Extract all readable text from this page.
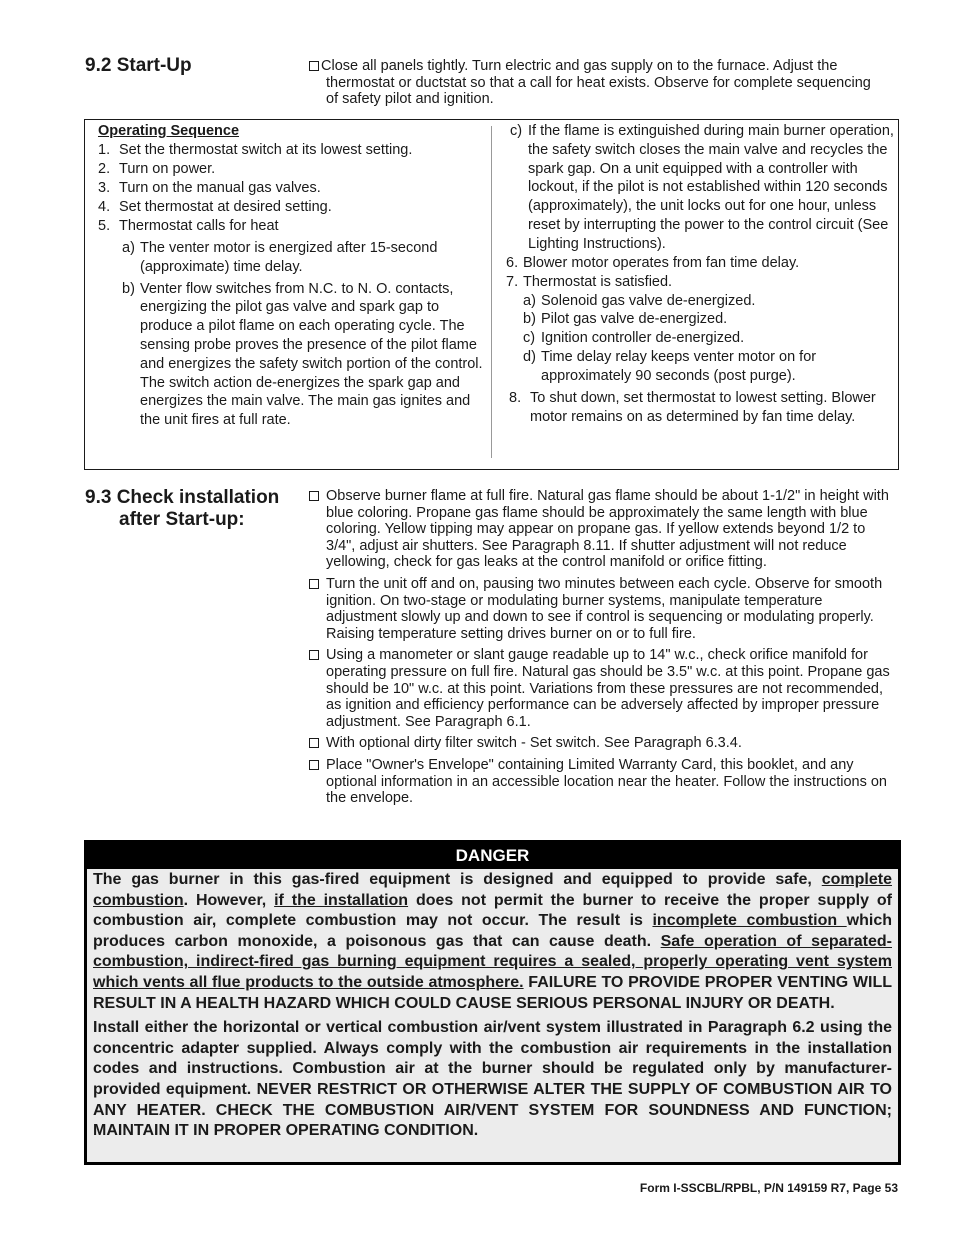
9.2 Start-Up	Close all panels tightly. Turn electric and gas supply on to the furnace. Adjust the thermostat or ductstat so that a call for heat exists. Observe for complete sequencing of safety pilot and ignition.
Operating Sequence
1. Set the thermostat switch at its lowest setting.
2. Turn on power.
3. Turn on the manual gas valves.
4. Set thermostat at desired setting.
5. Thermostat calls for heat
a) The venter motor is energized after 15-second (approximate) time delay.
b) Venter flow switches from N.C. to N. O. contacts, energizing the pilot gas valve and spark gap to produce a pilot flame on each operating cycle. The sensing probe proves the presence of the pilot flame and energizes the safety switch portion of the control. The switch action de-energizes the spark gap and energizes the main valve. The main gas ignites and the unit fires at full rate.
c) If the flame is extinguished during main burner operation, the safety switch closes the main valve and recycles the spark gap. On a unit equipped with a controller with lockout, if the pilot is not established within 120 seconds (approximately), the unit locks out for one hour, unless reset by interrupting the power to the control circuit (See Lighting Instructions).
6. Blower motor operates from fan time delay.
7. Thermostat is satisfied.
a) Solenoid gas valve de-energized.
b) Pilot gas valve de-energized.
c) Ignition controller de-energized.
d) Time delay relay keeps venter motor on for approximately 90 seconds (post purge).
8. To shut down, set thermostat to lowest setting. Blower motor remains on as determined by fan time delay.
9.3 Check installation after Start-up:
Observe burner flame at full fire. Natural gas flame should be about 1-1/2" in height with blue coloring. Propane gas flame should be approximately the same length with blue coloring. Yellow tipping may appear on propane gas. If yellow extends beyond 1/2 to 3/4", adjust air shutters. See Paragraph 8.11. If shutter adjustment will not reduce yellowing, check for gas leaks at the control manifold or orifice fitting.
Turn the unit off and on, pausing two minutes between each cycle. Observe for smooth ignition. On two-stage or modulating burner systems, manipulate temperature adjustment slowly up and down to see if control is sequencing or modulating properly. Raising temperature setting drives burner on or to full fire.
Using a manometer or slant gauge readable up to 14" w.c., check orifice manifold for operating pressure on full fire. Natural gas should be 3.5" w.c. at this point. Propane gas should be 10" w.c. at this point. Variations from these pressures are not recommended, as ignition and efficiency performance can be adversely affected by improper pressure adjustment. See Paragraph 6.1.
With optional dirty filter switch - Set switch. See Paragraph 6.3.4.
Place "Owner's Envelope" containing Limited Warranty Card, this booklet, and any optional information in an accessible location near the heater. Follow the instructions on the envelope.
DANGER

The gas burner in this gas-fired equipment is designed and equipped to provide safe, complete combustion. However, if the installation does not permit the burner to receive the proper supply of combustion air, complete combustion may not occur. The result is incomplete combustion which produces carbon monoxide, a poisonous gas that can cause death. Safe operation of separated-combustion, indirect-fired gas burning equipment requires a sealed, properly operating vent system which vents all flue products to the outside atmosphere. FAILURE TO PROVIDE PROPER VENTING WILL RESULT IN A HEALTH HAZARD WHICH COULD CAUSE SERIOUS PERSONAL INJURY OR DEATH.

Install either the horizontal or vertical combustion air/vent system illustrated in Paragraph 6.2 using the concentric adapter supplied. Always comply with the combustion air requirements in the installation codes and instructions. Combustion air at the burner should be regulated only by manufacturer-provided equipment. NEVER RESTRICT OR OTHERWISE ALTER THE SUPPLY OF COMBUSTION AIR TO ANY HEATER. CHECK THE COMBUSTION AIR/VENT SYSTEM FOR SOUNDNESS AND FUNCTION; MAINTAIN IT IN PROPER OPERATING CONDITION.

Form I-SSCBL/RPBL, P/N 149159 R7, Page 53
